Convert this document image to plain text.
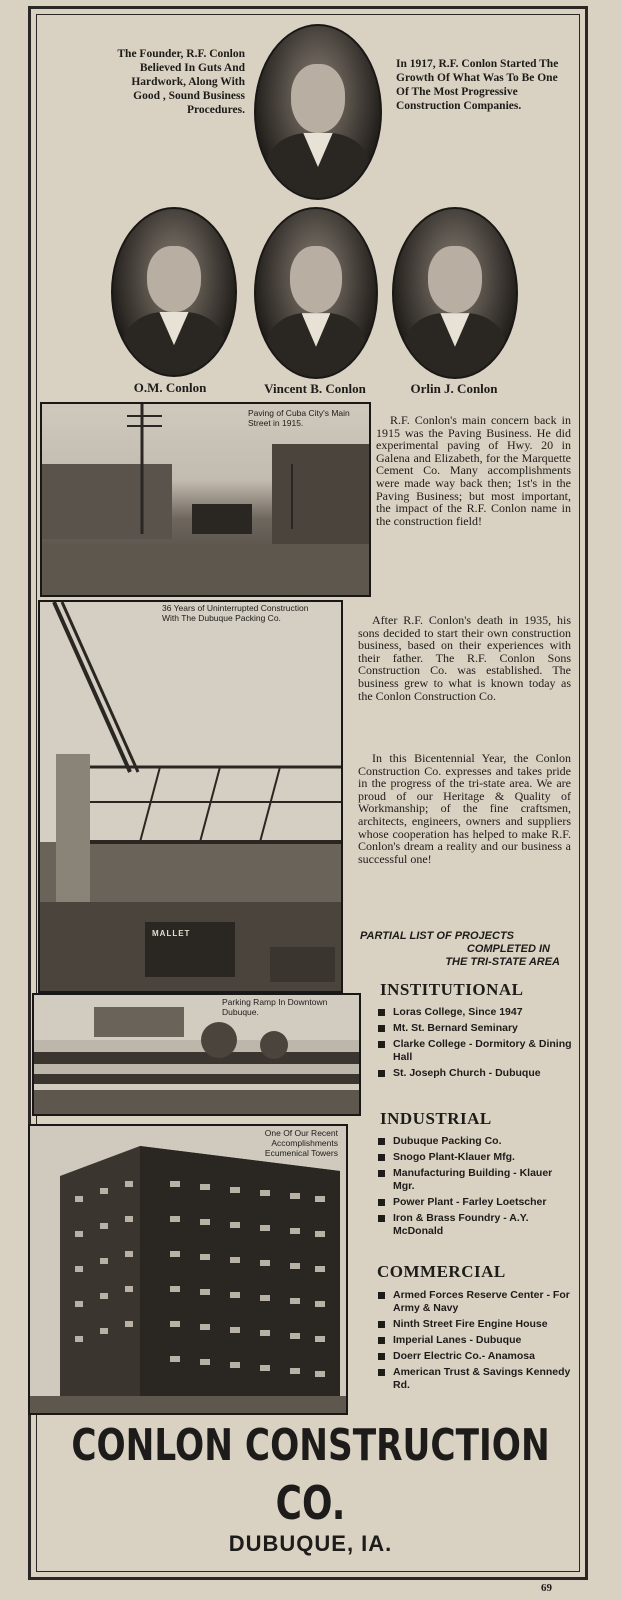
The Founder, R.F. Conlon Believed In Guts And Hardwork, Along With Good , Sound Business Procedures.
In 1917, R.F. Conlon Started The Growth Of What Was To Be One Of The Most Progressive Construction Companies.
O.M. Conlon	Vincent B. Conlon	Orlin J. Conlon
Paving of Cuba City's Main Street in 1915.
MALLET
36 Years of Uninterrupted Construction With The Dubuque Packing Co.
Parking Ramp In Downtown Dubuque.
One Of Our Recent Accomplishments Ecumenical Towers

R.F. Conlon's main concern back in 1915 was the Paving Business. He did experimental paving of Hwy. 20 in Galena and Elizabeth, for the Marquette Cement Co. Many accomplishments were made way back then; 1st's in the Paving Business; but most important, the impact of the R.F. Conlon name in the construction field!

After R.F. Conlon's death in 1935, his sons decided to start their own construction business, based on their experiences with their father. The R.F. Conlon Sons Construction Co. was established. The business grew to what is known today as the Conlon Construction Co.

In this Bicentennial Year, the Conlon Construction Co. expresses and takes pride in the progress of the tri-state area. We are proud of our Heritage & Quality of Workmanship; of the fine craftsmen, architects, engineers, owners and suppliers whose cooperation has helped to make R.F. Conlon's dream a reality and our business a successful one!

PARTIAL LIST OF PROJECTS
COMPLETED IN
THE TRI-STATE AREA
INSTITUTIONAL
Loras College, Since 1947
Mt. St. Bernard Seminary
Clarke College - Dormitory & Dining Hall
St. Joseph Church - Dubuque
INDUSTRIAL
Dubuque Packing Co.
Snogo Plant-Klauer Mfg.
Manufacturing Building - Klauer Mgr.
Power Plant - Farley Loetscher
Iron & Brass Foundry - A.Y. McDonald
COMMERCIAL
Armed Forces Reserve Center - For Army & Navy
Ninth Street Fire Engine House
Imperial Lanes - Dubuque
Doerr Electric Co.- Anamosa
American Trust & Savings Kennedy Rd.
CONLON CONSTRUCTION
CO.
DUBUQUE, IA.
69
